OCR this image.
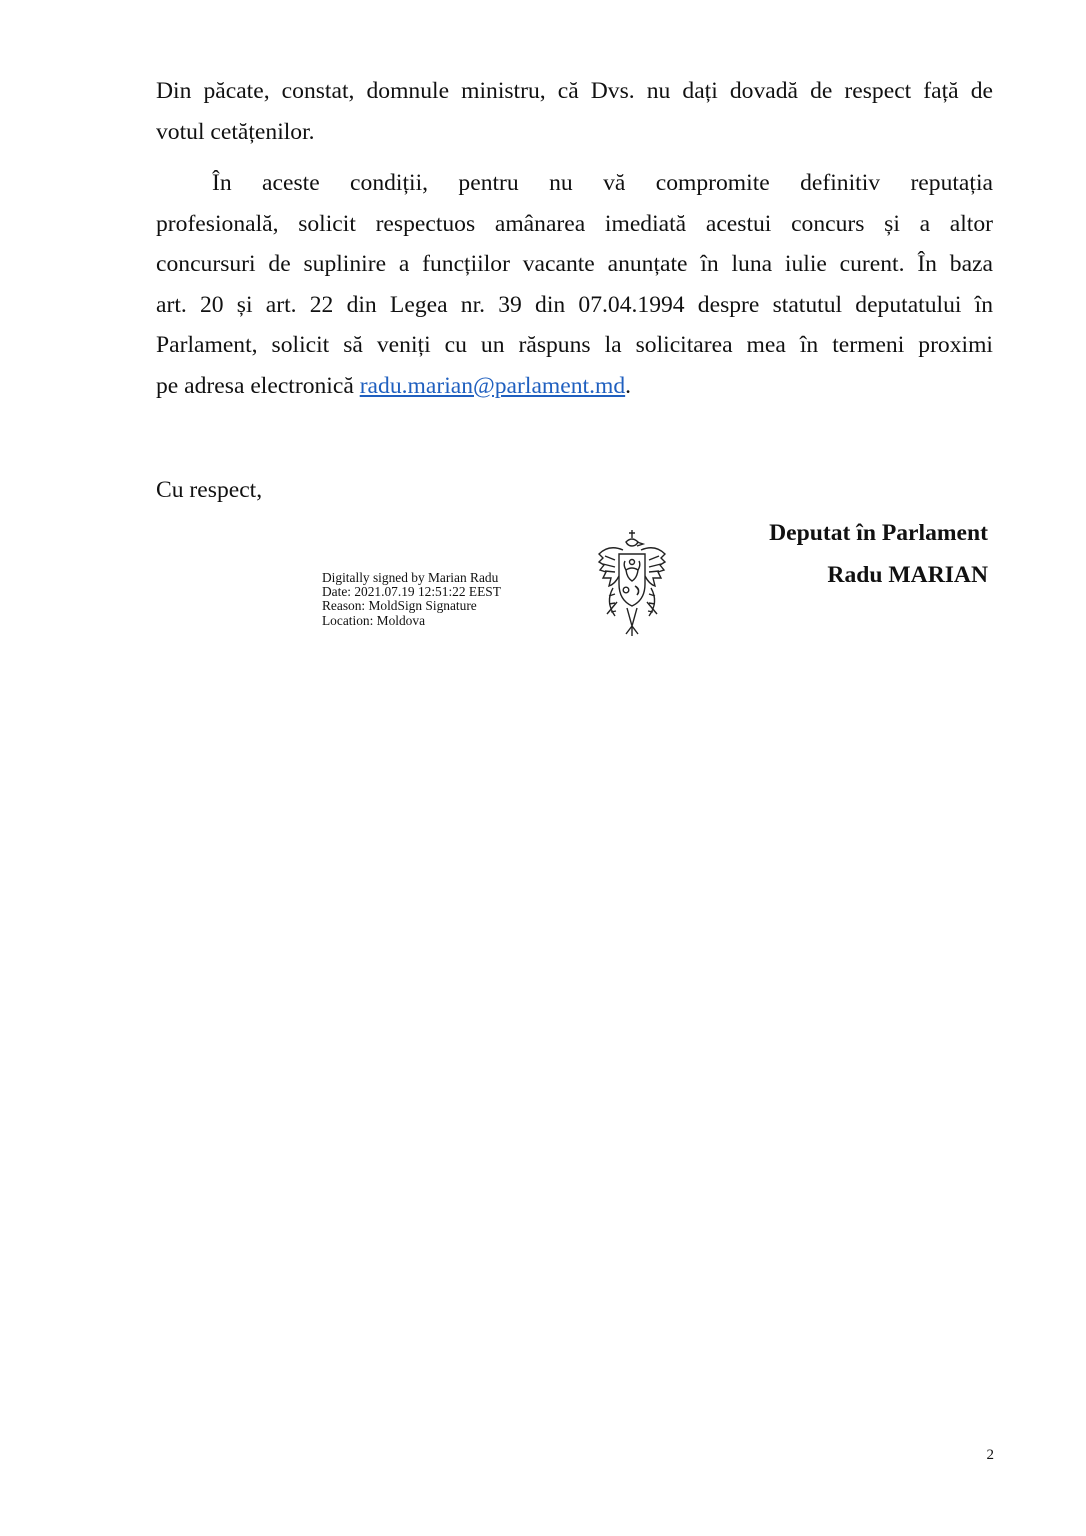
Din păcate, constat, domnule ministru, că Dvs. nu dați dovadă de respect față de
votul cetățenilor.
În aceste condiții, pentru nu vă compromite definitiv reputația
profesională, solicit respectuos amânarea imediată acestui concurs și a altor
concursuri de suplinire a funcțiilor vacante anunțate în luna iulie curent. În baza
art. 20 și art. 22 din Legea nr. 39 din 07.04.1994 despre statutul deputatului în
Parlament, solicit să veniți cu un răspuns la solicitarea mea în termeni proximi
pe adresa electronică radu.marian@parlament.md.
Cu respect,
Deputat în Parlament
Radu MARIAN
Digitally signed by Marian Radu
Date: 2021.07.19 12:51:22 EEST
Reason: MoldSign Signature
Location: Moldova
2
